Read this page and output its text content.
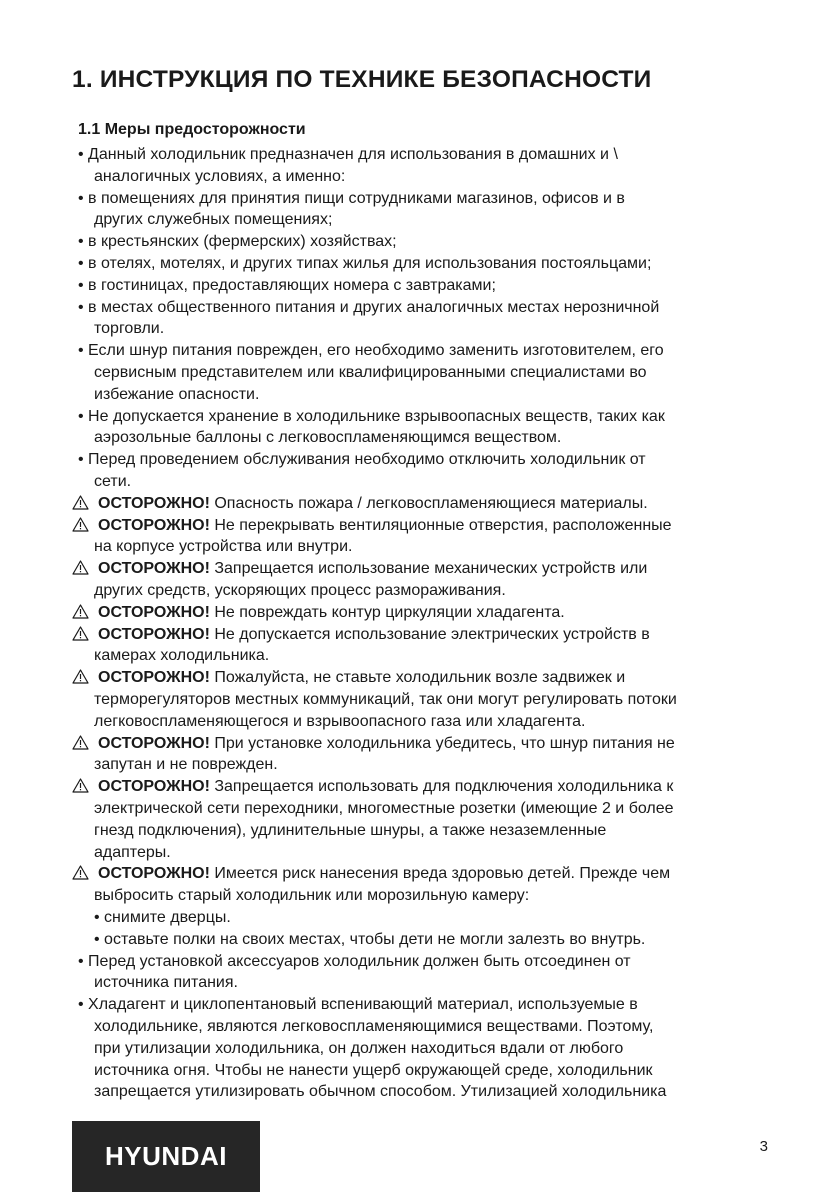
1. ИНСТРУКЦИЯ ПО ТЕХНИКЕ БЕЗОПАСНОСТИ
1.1 Меры предосторожности
• Данный холодильник предназначен для использования в домашних и \
аналогичных условиях, а именно:
• в помещениях для принятия пищи сотрудниками магазинов, офисов и в
других служебных помещениях;
• в крестьянских (фермерских) хозяйствах;
• в отелях, мотелях, и других типах жилья для использования постояльцами;
• в гостиницах, предоставляющих номера с завтраками;
• в местах общественного питания и других аналогичных местах нерозничной
торговли.
• Если шнур питания поврежден, его необходимо заменить изготовителем, его
сервисным представителем или квалифицированными специалистами во
избежание опасности.
• Не допускается хранение в холодильнике взрывоопасных веществ, таких как
аэрозольные баллоны с легковоспламеняющимся веществом.
• Перед проведением обслуживания необходимо отключить холодильник от
сети.
ОСТОРОЖНО! Опасность пожара / легковоспламеняющиеся материалы.
ОСТОРОЖНО! Не перекрывать вентиляционные отверстия, расположенные
на корпусе устройства или внутри.
ОСТОРОЖНО! Запрещается использование механических устройств или
других средств, ускоряющих процесс размораживания.
ОСТОРОЖНО! Не повреждать контур циркуляции хладагента.
ОСТОРОЖНО! Не допускается использование электрических устройств в
камерах холодильника.
ОСТОРОЖНО! Пожалуйста, не ставьте холодильник возле задвижек и
терморегуляторов местных коммуникаций, так они могут регулировать потоки
легковоспламеняющегося и взрывоопасного газа или хладагента.
ОСТОРОЖНО! При установке холодильника убедитесь, что шнур питания не
запутан и не поврежден.
ОСТОРОЖНО! Запрещается использовать для подключения холодильника к
электрической сети переходники, многоместные розетки (имеющие 2 и более
гнезд подключения), удлинительные шнуры, а также незаземленные
адаптеры.
ОСТОРОЖНО! Имеется риск нанесения вреда здоровью детей. Прежде чем
выбросить старый холодильник или морозильную камеру:
• снимите дверцы.
• оставьте полки на своих местах, чтобы дети не могли залезть во внутрь.
• Перед установкой аксессуаров холодильник должен быть отсоединен от
источника питания.
• Хладагент и циклопентановый вспенивающий материал, используемые в
холодильнике, являются легковоспламеняющимися веществами. Поэтому,
при утилизации холодильника, он должен находиться вдали от любого
источника огня. Чтобы не нанести ущерб окружающей среде, холодильник
запрещается утилизировать обычном способом. Утилизацией холодильника
HYUNDAI	3
